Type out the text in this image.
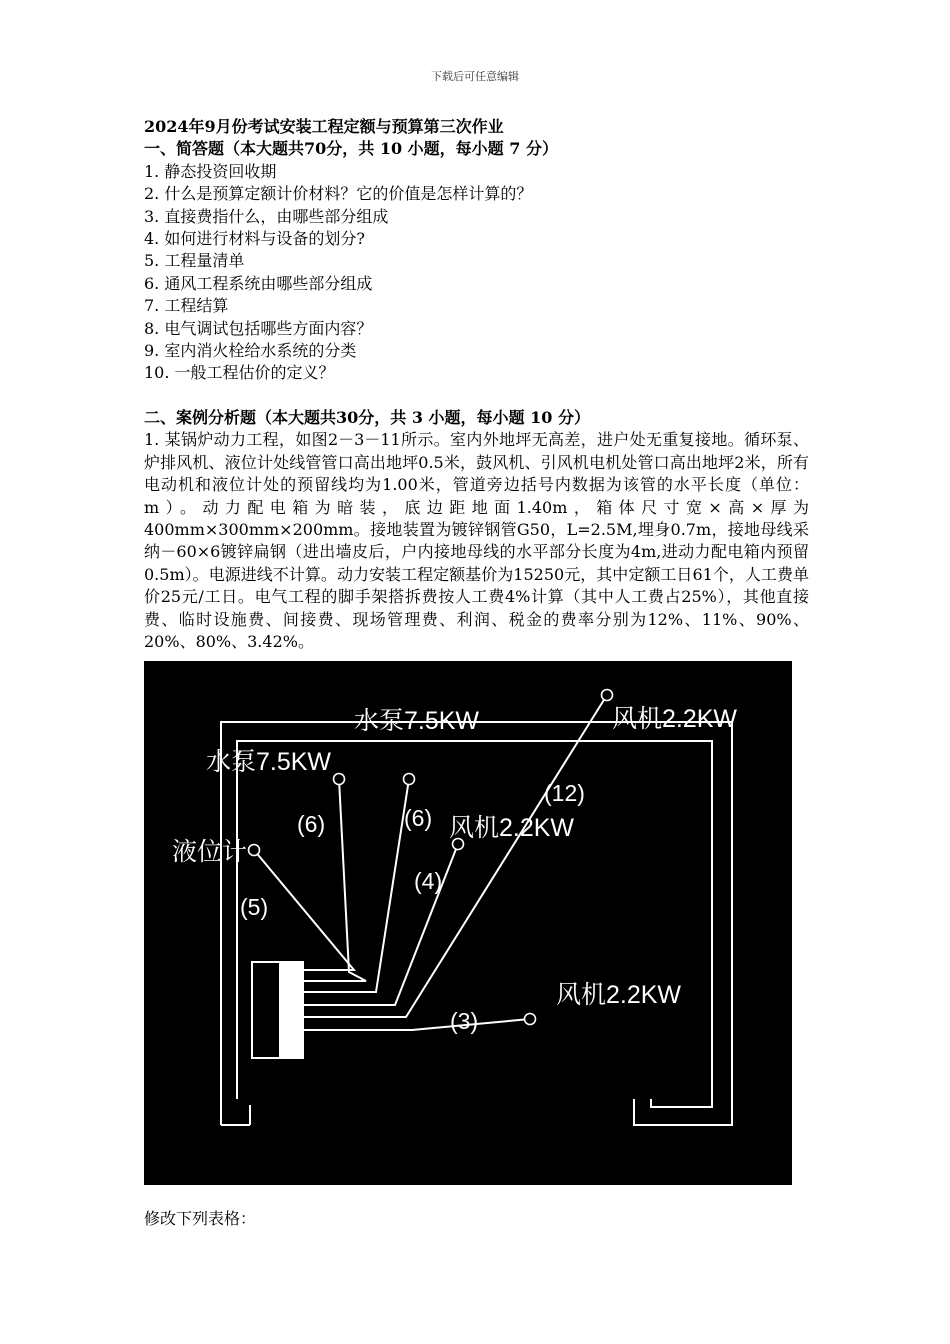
下载后可任意编辑

2024年9月份考试安装工程定额与预算第三次作业

一、简答题（本大题共70分，共 10 小题，每小题 7 分）

1. 静态投资回收期

2. 什么是预算定额计价材料？它的价值是怎样计算的？

3. 直接费指什么，由哪些部分组成

4. 如何进行材料与设备的划分?

5. 工程量清单

6. 通风工程系统由哪些部分组成

7. 工程结算

8. 电气调试包括哪些方面内容？

9. 室内消火栓给水系统的分类

10. 一般工程估价的定义？

二、案例分析题（本大题共30分，共 3 小题，每小题 10 分）

1. 某锅炉动力工程，如图2－3－11所示。室内外地坪无高差，进户处无重复接地。循环泵、炉排风机、液位计处线管管口高出地坪0.5米，鼓风机、引风机电机处管口高出地坪2米，所有电动机和液位计处的预留线均为1.00米，管道旁边括号内数据为该管的水平长度（单位：m）。动力配电箱为暗装，底边距地面1.40m，箱体尺寸宽×高×厚为400mm×300mm×200mm。接地装置为镀锌钢管G50，L=2.5M,埋身0.7m，接地母线采纳－60×6镀锌扁钢（进出墙皮后，户内接地母线的水平部分长度为4m,进动力配电箱内预留0.5m）。电源进线不计算。动力安装工程定额基价为15250元，其中定额工日61个，人工费单价25元/工日。电气工程的脚手架搭拆费按人工费4%计算（其中人工费占25%），其他直接费、临时设施费、间接费、现场管理费、利润、税金的费率分别为12%、11%、90%、20%、80%、3.42%。

水泵7.5KW	风机2.2KW
水泵7.5KW
液位计
风机2.2KW
风机2.2KW
(6)	(6)
(12)
(4)
(5)
(3)
修改下列表格：
